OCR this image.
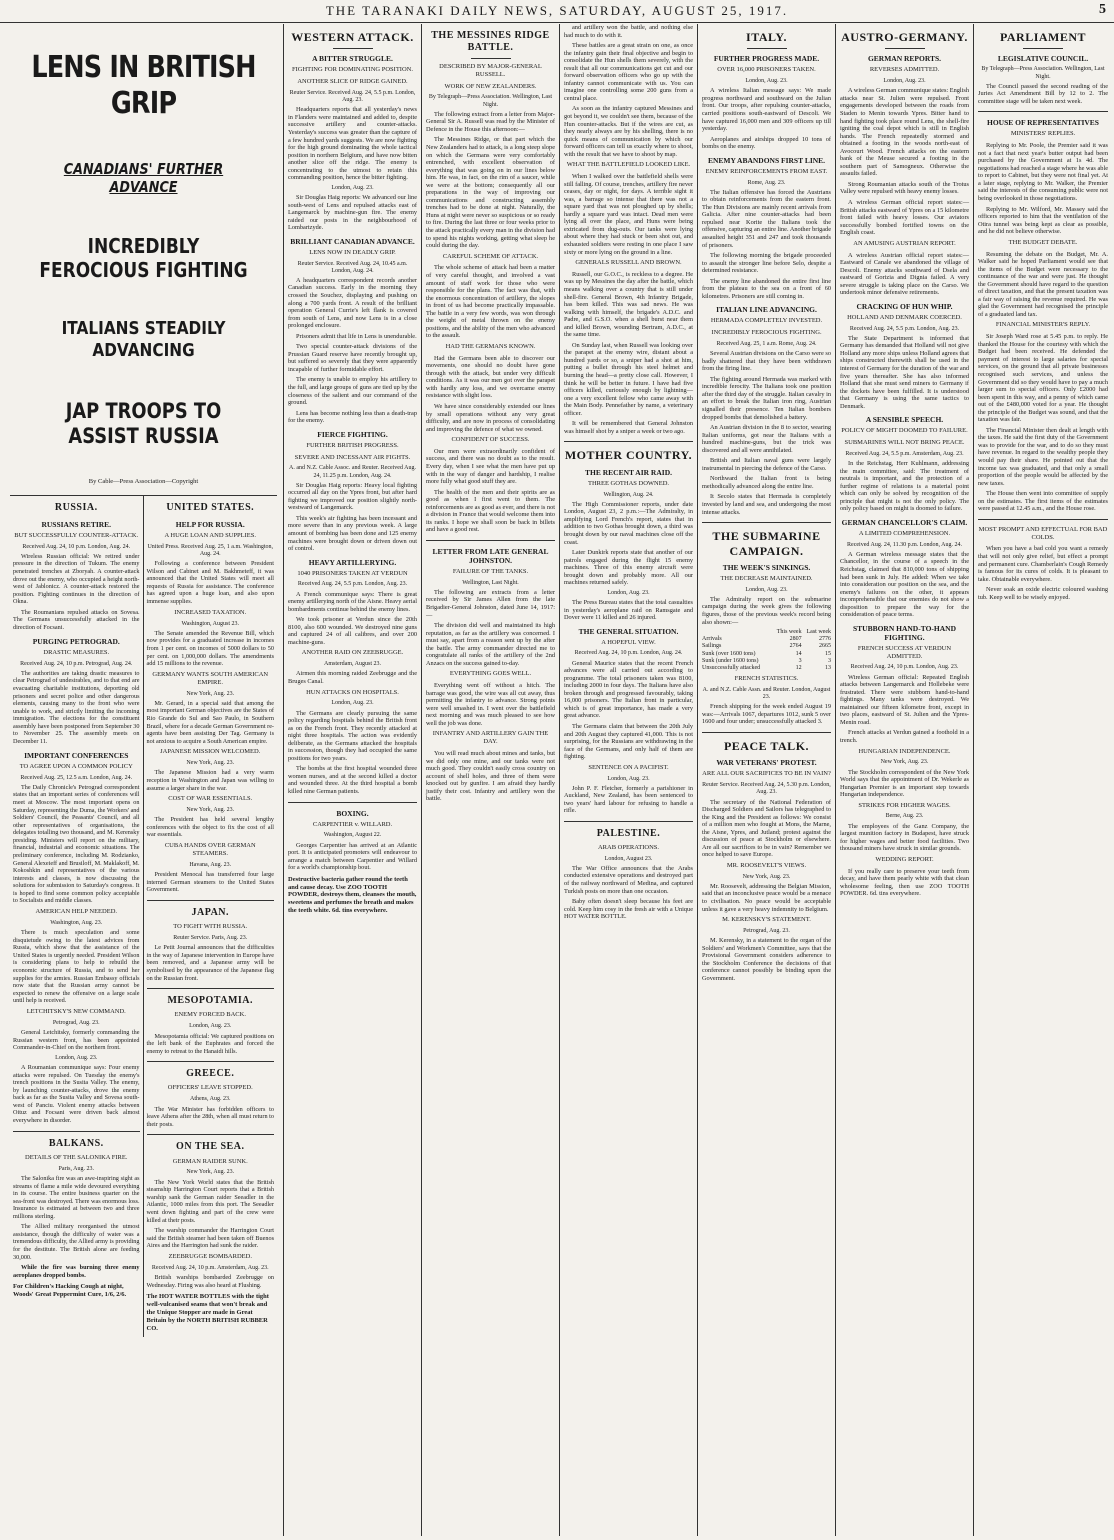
THE TARANAKI DAILY NEWS, SATURDAY, AUGUST 25, 1917.	5
LENS IN BRITISH GRIP
CANADIANS' FURTHER ADVANCE
INCREDIBLY FEROCIOUS FIGHTING
ITALIANS STEADILY ADVANCING
JAP TROOPS TO ASSIST RUSSIA
By Cable—Press Association—Copyright
RUSSIA.
RUSSIANS RETIRE.
BUT SUCCESSFULLY COUNTER-ATTACK.
Received Aug. 24, 10 p.m. London, Aug. 24.

Wireless Russian official: We retired under pressure in the direction of Tukum. The enemy penetrated trenches at Zboryah. A counter-attack drove out the enemy, who occupied a height north-west of Jablonicz. A counter-attack restored the position. Fighting continues in the direction of Okna.

The Roumanians repulsed attacks on Sovesa. The Germans unsuccessfully attacked in the direction of Focsani.

PURGING PETROGRAD.
DRASTIC MEASURES.
Received Aug. 24, 10 p.m. Petrograd, Aug. 24.

The authorities are taking drastic measures to clear Petrograd of undesirables, and to that end are evacuating charitable institutions, deporting old prisoners and secret police and other dangerous elements, causing many to the front who were unable to work, and strictly limiting the incoming immigration. The elections for the constituent assembly have been postponed from September 30 to November 25. The assembly meets on December 11.

IMPORTANT CONFERENCES
TO AGREE UPON A COMMON POLICY
Received Aug. 25, 12.5 a.m. London, Aug. 24.

The Daily Chronicle's Petrograd correspondent states that an important series of conferences will meet at Moscow. The most important opens on Saturday, representing the Duma, the Workers' and Soldiers' Council, the Peasants' Council, and all other representatives of organisations, the delegates totalling two thousand, and M. Kerensky presiding. Ministers will report on the military, financial, industrial and economic situations. The preliminary conference, including M. Rodzianko, General Alexeieff and Brusiloff, M. Maklakoff, M. Kokoshkin and representatives of the various interests and classes, is now discussing the solutions for submission to Saturday's congress. It is hoped to find some common policy acceptable to Socialists and middle classes.

AMERICAN HELP NEEDED.
Washington, Aug. 23.

There is much speculation and some disquietude owing to the latest advices from Russia, which show that the assistance of the United States is urgently needed. President Wilson is considering plans to help to rebuild the economic structure of Russia, and to send her supplies for the armies. Russian Embassy officials now state that the Russian army cannot be expected to renew the offensive on a large scale until help is received.

LETCHITSKY'S NEW COMMAND.
Petrograd, Aug. 23.

General Letchitsky, formerly commanding the Russian western front, has been appointed Commander-in-Chief on the northern front.

London, Aug. 23.

A Roumanian communique says: Four enemy attacks were repulsed. On Tuesday the enemy's trench positions in the Susita Valley. The enemy, by launching counter-attacks, drove the enemy back as far as the Susita Valley and Sovesa south-west of Panciu. Violent enemy attacks between Oituz and Focsani were driven back almost everywhere in disorder.

BALKANS.
DETAILS OF THE SALONIKA FIRE.
Paris, Aug. 23.

The Salonika fire was an awe-inspiring sight as streams of flame a mile wide devoured everything in its course. The entire business quarter on the sea-front was destroyed. There was enormous loss. Insurance is estimated at between two and three millions sterling.

The Allied military reorganised the utmost assistance, though the difficulty of water was a tremendous difficulty, the Allied army is providing for the destitute. The British alone are feeding 30,000.

While the fire was burning three enemy aeroplanes dropped bombs.

For Children's Hacking Cough at night, Woods' Great Peppermint Cure, 1/6, 2/6.
UNITED STATES.
HELP FOR RUSSIA.
A HUGE LOAN AND SUPPLIES.
United Press. Received Aug. 25, 1 a.m. Washington, Aug. 24.

Following a conference between President Wilson and Cabinet and M. Bakhmeteff, it was announced that the United States will meet all requests of Russia for assistance. The conference has agreed upon a huge loan, and also upon immense supplies.

INCREASED TAXATION.
Washington, August 23.

The Senate amended the Revenue Bill, which now provides for a graduated increase in incomes from 1 per cent. on incomes of 5000 dollars to 50 per cent. on 1,000,000 dollars. The amendments add 15 millions to the revenue.

GERMANY WANTS SOUTH AMERICAN EMPIRE.
New York, Aug. 23.

Mr. Gerard, in a special said that among the most important German objectives are the States of Rio Grande do Sul and Sao Paulo, in Southern Brazil, where for a decade German Government re-agents have been assisting Der Tag. Germany is not anxious to acquire a South American empire.

JAPANESE MISSION WELCOMED.
New York, Aug. 23.

The Japanese Mission had a very warm reception in Washington and Japan was willing to assume a larger share in the war.

COST OF WAR ESSENTIALS.
New York, Aug. 23.

The President has held several lengthy conferences with the object to fix the cost of all war essentials.

CUBA HANDS OVER GERMAN STEAMERS.
Havana, Aug. 23.

President Menocal has transferred four large interned German steamers to the United States Government.

JAPAN.
TO FIGHT WITH RUSSIA.
Reuter Service. Paris, Aug. 23.

Le Petit Journal announces that the difficulties in the way of Japanese intervention in Europe have been removed, and a Japanese army will be symbolised by the appearance of the Japanese flag on the Russian front.

MESOPOTAMIA.
ENEMY FORCED BACK.
London, Aug. 23.

Mesopotamia official: We captured positions on the left bank of the Euphrates and forced the enemy to retreat to the Hanaidi hills.

GREECE.
OFFICERS' LEAVE STOPPED.
Athens, Aug. 23.

The War Minister has forbidden officers to leave Athens after the 28th, when all must return to their posts.

ON THE SEA.
GERMAN RAIDER SUNK.
New York, Aug. 23.

The New York World states that the British steamship Harrington Court reports that a British warship sank the German raider Seeadler in the Atlantic, 1000 miles from this port. The Seeadler went down fighting and part of the crew were killed at their posts.

The warship commander the Harrington Court said the British steamer had been taken off Buenos Aires and the Harrington had sunk the raider.

ZEEBRUGGE BOMBARDED.
Received Aug. 24, 10 p.m. Amsterdam, Aug. 23.

British warships bombarded Zeebrugge on Wednesday. Firing was also heard at Flushing.

The HOT WATER BOTTLES with the tight well-vulcanised seams that won't break and the Unique Stopper are made in Great Britain by the NORTH BRITISH RUBBER CO.
WESTERN ATTACK.
A BITTER STRUGGLE.
FIGHTING FOR DOMINATING POSITION.
ANOTHER SLICE OF RIDGE GAINED.
Reuter Service. Received Aug. 24, 5.5 p.m. London, Aug. 23.

Headquarters reports that all yesterday's news in Flanders were maintained and added to, despite successive artillery and counter-attacks. Yesterday's success was greater than the capture of a few hundred yards suggests. We are now fighting for the high ground dominating the whole tactical position in northern Belgium, and have now bitten another slice off the ridge. The enemy is concentrating to the utmost to retain this commanding position, hence the bitter fighting.

London, Aug. 23.

Sir Douglas Haig reports: We advanced our line south-west of Lens and repulsed attacks east of Langemarck by machine-gun fire. The enemy raided our posts in the neighbourhood of Lombartzyde.

BRILLIANT CANADIAN ADVANCE.
LENS NOW IN DEADLY GRIP.
Reuter Service. Received Aug. 24, 10.45 a.m. London, Aug. 24.

A headquarters correspondent records another Canadian success. Early in the morning they crossed the Souchez, displaying and pushing on along a 700 yards front. A result of the brilliant operation General Currie's left flank is covered from south of Lens, and now Lens is in a close prolonged enclosure.

Prisoners admit that life in Lens is unendurable.

Two special counter-attack divisions of the Prussian Guard reserve have recently brought up, but suffered so severely that they were apparently incapable of further formidable effort.

The enemy is unable to employ his artillery to the full, and large groups of guns are tied up by the closeness of the salient and our command of the ground.

Lens has become nothing less than a death-trap for the enemy.

FIERCE FIGHTING.
FURTHER BRITISH PROGRESS.
SEVERE AND INCESSANT AIR FIGHTS.
A. and N.Z. Cable Assoc. and Reuter. Received Aug. 24, 11.25 p.m. London, Aug. 24.

Sir Douglas Haig reports: Heavy local fighting occurred all day on the Ypres front, but after hard fighting we improved our position slightly north-westward of Langemarck.

This week's air fighting has been incessant and more severe than in any previous week. A large amount of bombing has been done and 125 enemy machines were brought down or driven down out of control.

HEAVY ARTILLERYING.
1040 PRISONERS TAKEN AT VERDUN
Received Aug. 24, 5.5 p.m. London, Aug. 23.

A French communique says: There is great enemy artillerying north of the Aisne. Heavy aerial bombardments continue behind the enemy lines.

We took prisoner at Verdun since the 20th 8100, also 600 wounded. We destroyed nine guns and captured 24 of all calibres, and over 200 machine-guns.

ANOTHER RAID ON ZEEBRUGGE.
Amsterdam, August 23.

Airmen this morning raided Zeebrugge and the Bruges Canal.

HUN ATTACKS ON HOSPITALS.
London, Aug. 23.

The Germans are clearly pursuing the same policy regarding hospitals behind the British front as on the French front. They recently attacked at night three hospitals. The action was evidently deliberate, as the Germans attacked the hospitals in succession, though they had occupied the same positions for two years.

The bombs at the first hospital wounded three women nurses, and at the second killed a doctor and wounded three. At the third hospital a bomb killed nine German patients.

BOXING.
CARPENTIER v. WILLARD.
Washington, August 22.

Georges Carpentier has arrived at an Atlantic port. It is anticipated promoters will endeavour to arrange a match between Carpentier and Willard for a world's championship bout.

Destructive bacteria gather round the teeth and cause decay. Use ZOO TOOTH POWDER, destroys them, cleanses the mouth, sweetens and perfumes the breath and makes the teeth white. 6d. tins everywhere.
THE MESSINES RIDGE BATTLE.
DESCRIBED BY MAJOR-GENERAL RUSSELL.
WORK OF NEW ZEALANDERS.
By Telegraph—Press Association. Wellington, Last Night.

The following extract from a letter from Major-General Sir A. Russell was read by the Minister of Defence in the House this afternoon:—

The Messines Ridge, or that part which the New Zealanders had to attack, is a long steep slope on which the Germans were very comfortably entrenched, with excellent observation of everything that was going on in our lines below him. He was, in fact, on the rim of a saucer, while we were at the bottom; consequently all our preparations in the way of improving our communications and constructing assembly trenches had to be done at night. Naturally, the Huns at night were never so suspicious or so ready to fire. During the last three or four weeks prior to the attack practically every man in the division had to spend his nights working, getting what sleep he could during the day.

CAREFUL SCHEME OF ATTACK.

The whole scheme of attack had been a matter of very careful thought, and involved a vast amount of staff work for those who were responsible for the plans. The fact was that, with the enormous concentration of artillery, the slopes in front of us had become practically impassable. The battle in a very few words, was won through the weight of metal thrown on the enemy positions, and the ability of the men who advanced to the assault.

HAD THE GERMANS KNOWN.

Had the Germans been able to discover our movements, one should no doubt have gone through with the attack, but under very difficult conditions. As it was our men got over the parapet with hardly any loss, and we overcame enemy resistance with slight loss.

We have since considerably extended our lines by small operations without any very great difficulty, and are now in process of consolidating and improving the defence of what we owned.

CONFIDENT OF SUCCESS.

Our men were extraordinarily confident of success, and there was no doubt as to the result. Every day, when I see what the men have put up with in the way of danger and hardship, I realise more fully what good stuff they are.

The health of the men and their spirits are as good as when I first went to them. The reinforcements are as good as ever, and there is not a division in France that would welcome them into its ranks. I hope we shall soon be back in billets and have a good rest.

LETTER FROM LATE GENERAL JOHNSTON.
FAILURE OF THE TANKS.
Wellington, Last Night.

The following are extracts from a letter received by Sir James Allen from the late Brigadier-General Johnston, dated June 14, 1917:—

The division did well and maintained its high reputation, as far as the artillery was concerned. I must say, apart from a reason sent up by the after the battle. The army commander directed me to congratulate all ranks of the artillery of the 2nd Anzacs on the success gained to-day.

EVERYTHING GOES WELL.

Everything went off without a hitch. The barrage was good, the wire was all cut away, thus permitting the infantry to advance. Strong points were well smashed in. I went over the battlefield next morning and was much pleased to see how well the job was done.

INFANTRY AND ARTILLERY GAIN THE DAY.

You will read much about mines and tanks, but we did only one mine, and our tanks were not much good. They couldn't easily cross country on account of shell holes, and three of them were knocked out by gunfire. I am afraid they hardly justify their cost. Infantry and artillery won the battle.

and artillery won the battle, and nothing else had much to do with it.

These battles are a great strain on one, as once the infantry gain their final objective and begin to consolidate the Hun shells them severely, with the result that all our communications get cut and our forward observation officers who go up with the infantry cannot communicate with us. You can imagine one controlling some 200 guns from a central place.

As soon as the infantry captured Messines and got beyond it, we couldn't see them, because of the Hun counter-attacks. But if the wires are cut, as they nearly always are by his shelling, there is no quick means of communication by which our forward officers can tell us exactly where to shoot, with the result that we have to shoot by map.

WHAT THE BATTLEFIELD LOOKED LIKE.

When I walked over the battlefield shells were still falling. Of course, trenches, artillery fire never ceases, day or night, for days. A terrible sight it was, a barrage so intense that there was not a square yard that was not ploughed up by shells; hardly a square yard was intact. Dead men were lying all over the place, and Huns were being extricated from dug-outs. Our tanks were lying about where they had stuck or been shot out, and exhausted soldiers were resting in one place I saw sixty or more lying on the ground in a line.

GENERALS RUSSELL AND BROWN.

Russell, our G.O.C., is reckless to a degree. He was up by Messines the day after the battle, which means walking over a country that is still under shell-fire. General Brown, 4th Infantry Brigade, has been killed. This was sad news. He was walking with himself, the brigade's A.D.C. and Padre, and G.S.O. when a shell burst near them and killed Brown, wounding Bertram, A.D.C., at the same time.

On Sunday last, when Russell was looking over the parapet at the enemy wire, distant about a hundred yards or so, a sniper had a shot at him, putting a bullet through his steel helmet and burning the head—a pretty close call. However, I think he will be better in future. I have had five officers killed, curiously enough by lightning—one a very excellent fellow who came away with the Main Body. Pennefather by name, a veterinary officer.

It will be remembered that General Johnston was himself shot by a sniper a week or two ago.

MOTHER COUNTRY.
THE RECENT AIR RAID.
THREE GOTHAS DOWNED.
Wellington, Aug. 24.

The High Commissioner reports, under date London, August 23, 2 p.m.:—The Admiralty, in amplifying Lord French's report, states that in addition to two Gothas brought down, a third was brought down by our naval machines close off the coast.

Later Dunkirk reports state that another of our patrols engaged during the flight 15 enemy machines. Three of this enemy aircraft were brought down and probably more. All our machines returned safely.

London, Aug. 23.

The Press Bureau states that the total casualties in yesterday's aeroplane raid on Ramsgate and Dover were 11 killed and 26 injured.

THE GENERAL SITUATION.
A HOPEFUL VIEW.
Received Aug. 24, 10 p.m. London, Aug. 24.

General Maurice states that the recent French advances were all carried out according to programme. The total prisoners taken was 8100, including 2000 in four days. The Italians have also broken through and progressed favourably, taking 16,000 prisoners. The Italian front in particular, which is of great importance, has made a very great advance.

The Germans claim that between the 20th July and 20th August they captured 41,000. This is not surprising, for the Russians are withdrawing in the face of the Germans, and only half of them are fighting.

SENTENCE ON A PACIFIST.
London, Aug. 23.

John P. F. Fletcher, formerly a parishioner in Auckland, New Zealand, has been sentenced to two years' hard labour for refusing to handle a rifle.

PALESTINE.
ARAB OPERATIONS.
London, August 23.

The War Office announces that the Arabs conducted extensive operations and destroyed part of the railway northward of Medina, and captured Turkish posts on more than one occasion.

Baby often doesn't sleep because his feet are cold. Keep him cosy in the fresh air with a Unique HOT WATER BOTTLE.

ITALY.
FURTHER PROGRESS MADE.
OVER 16,000 PRISONERS TAKEN.
London, Aug. 23.

A wireless Italian message says: We made progress northward and southward on the Julian front. Our troops, after repulsing counter-attacks, carried positions south-eastward of Descoli. We have captured 16,000 men and 309 officers up till yesterday.

Aeroplanes and airships dropped 10 tons of bombs on the enemy.

ENEMY ABANDONS FIRST LINE.
ENEMY REINFORCEMENTS FROM EAST.
Rome, Aug. 23.

The Italian offensive has forced the Austrians to obtain reinforcements from the eastern front. The Hun Divisions are mainly recent arrivals from Galicia. After nine counter-attacks had been repulsed near Korite the Italians took the offensive, capturing an entire line. Another brigade assaulted height 351 and 247 and took thousands of prisoners.

The following morning the brigade proceeded to assault the stronger line before Selo, despite a determined resistance.

The enemy line abandoned the entire first line from the plateau to the sea on a front of 60 kilometres. Prisoners are still coming in.

ITALIAN LINE ADVANCING.
HERMADA COMPLETELY INVESTED.
INCREDIBLY FEROCIOUS FIGHTING.
Received Aug. 25, 1 a.m. Rome, Aug. 24.

Several Austrian divisions on the Carso were so badly shattered that they have been withdrawn from the firing line.

The fighting around Hermada was marked with incredible ferocity. The Italians took one position after the third day of the struggle. Italian cavalry in an effort to break the Italian iron ring, Austrian signalled their presence. Ten Italian bombers dropped bombs that demolished a battery.

An Austrian division in the 8 to sector, wearing Italian uniforms, got near the Italians with a hundred machine-guns, but the trick was discovered and all were annihilated.

British and Italian naval guns were largely instrumental in piercing the defence of the Carso.

Northward the Italian front is being methodically advanced along the entire line.

It Secolo states that Hermada is completely invested by land and sea, and undergoing the most intense attacks.

THE SUBMARINE CAMPAIGN.
THE WEEK'S SINKINGS.
THE DECREASE MAINTAINED.
London, Aug. 23.

The Admiralty report on the submarine campaign during the week gives the following figures, those of the previous week's record being also shown:—

	This week	Last week
Arrivals	2807	2776
Sailings	2764	2665
Sunk (over 1600 tons)	14	15
Sunk (under 1600 tons)	3	3
Unsuccessfully attacked	12	13
FRENCH STATISTICS.
A. and N.Z. Cable Assn. and Reuter. London, August 23.

French shipping for the week ended August 19 was:—Arrivals 1067, departures 1012, sunk 5 over 1600 and four under; unsuccessfully attacked 3.

PEACE TALK.
WAR VETERANS' PROTEST.
ARE ALL OUR SACRIFICES TO BE IN VAIN?
Reuter Service. Received Aug. 24, 5.30 p.m. London, Aug. 23.

The secretary of the National Federation of Discharged Soldiers and Sailors has telegraphed to the King and the President as follows: We consist of a million men who fought at Mons, the Marne, the Aisne, Ypres, and Jutland; protest against the discussion of peace at Stockholm or elsewhere. Are all our sacrifices to be in vain? Remember we once helped to save Europe.

MR. ROOSEVELT'S VIEWS.
New York, Aug. 23.

Mr. Roosevelt, addressing the Belgian Mission, said that an inconclusive peace would be a menace to civilisation. No peace would be acceptable unless it gave a very heavy indemnity to Belgium.

M. KERENSKY'S STATEMENT.
Petrograd, Aug. 23.

M. Kerensky, in a statement to the organ of the Soldiers' and Workmen's Committee, says that the Provisional Government considers adherence to the Stockholm Conference the decisions of that conference cannot possibly be binding upon the Government.

AUSTRO-GERMANY.
GERMAN REPORTS.
REVERSES ADMITTED.
London, Aug. 23.

A wireless German communique states: English attacks near St. Julien were repulsed. Front engagements developed between the roads from Staden to Menin towards Ypres. Bitter hand to hand fighting took place round Lens, the shell-fire igniting the coal depot which is still in English hands. The French repeatedly stormed and obtained a footing in the woods north-east of Avocourt Wood. French attacks on the eastern bank of the Meuse secured a footing in the southern part of Samogneux. Otherwise the assaults failed.

Strong Roumanian attacks south of the Trotus Valley were repulsed with heavy enemy losses.

A wireless German official report states:—British attacks eastward of Ypres on a 15 kilometre front failed with heavy losses. Our aviators successfully bombed fortified towns on the English coast.

AN AMUSING AUSTRIAN REPORT.

A wireless Austrian official report states:—Eastward of Canale we abandoned the village of Descoli. Enemy attacks southward of Dsela and eastward of Gorizia and Dignia failed. A very severe struggle is taking place on the Carso. We undertook minor defensive retirements.

CRACKING OF HUN WHIP.
HOLLAND AND DENMARK COERCED.
Received Aug. 24, 5.5 p.m. London, Aug. 23.

The State Department is informed that Germany has demanded that Holland will not give Holland any more ships unless Holland agrees that ships constructed therewith shall be used in the interest of Germany for the duration of the war and five years thereafter. She has also informed Holland that she must send miners to Germany if the dockets have been fulfilled. It is understood that Germany is using the same tactics to Denmark.

A SENSIBLE SPEECH.
POLICY OF MIGHT DOOMED TO FAILURE.
SUBMARINES WILL NOT BRING PEACE.
Received Aug. 24, 5.5 p.m. Amsterdam, Aug. 23.

In the Reichstag, Herr Kuhlmann, addressing the main committee, said: The treatment of neutrals is important, and the protection of a further regime of relations is a material point which can only be solved by recognition of the principle that might is not the only policy. The only policy based on might is doomed to failure.

GERMAN CHANCELLOR'S CLAIM.
A LIMITED COMPREHENSION.
Received Aug. 24, 11.30 p.m. London, Aug. 24.

A German wireless message states that the Chancellor, in the course of a speech in the Reichstag, claimed that 810,000 tons of shipping had been sunk in July. He added: When we take into consideration our position on the sea, and the enemy's failures on the other, it appears incomprehensible that our enemies do not show a disposition to prepare the way for the consideration of peace terms.

STUBBORN HAND-TO-HAND FIGHTING.
FRENCH SUCCESS AT VERDUN ADMITTED.
Received Aug. 24, 10 p.m. London, Aug. 23.

Wireless German official: Repeated English attacks between Langemarck and Hollebeke were frustrated. There were stubborn hand-to-hand fightings. Many tanks were destroyed. We maintained our fifteen kilometre front, except in two places, eastward of St. Julien and the Ypres-Menin road.

French attacks at Verdun gained a foothold in a trench.

HUNGARIAN INDEPENDENCE.
New York, Aug. 23.

The Stockholm correspondent of the New York World says that the appointment of Dr. Wekerle as Hungarian Premier is an important step towards Hungarian independence.

STRIKES FOR HIGHER WAGES.
Berne, Aug. 23.

The employees of the Ganz Company, the largest munition factory in Budapest, have struck for higher wages and better food facilities. Two thousand miners have struck in similar grounds.

WEDDING REPORT.

If you really care to preserve your teeth from decay, and have them pearly white with that clean wholesome feeling, then use ZOO TOOTH POWDER. 6d. tins everywhere.

PARLIAMENT
LEGISLATIVE COUNCIL.
By Telegraph—Press Association. Wellington, Last Night.

The Council passed the second reading of the Juries Act Amendment Bill by 12 to 2. The committee stage will be taken next week.

HOUSE OF REPRESENTATIVES
MINISTERS' REPLIES.

Replying to Mr. Poole, the Premier said it was not a fact that next year's butter output had been purchased by the Government at 1s 4d. The negotiations had reached a stage where he was able to report to Cabinet, but they were not final yet. At a later stage, replying to Mr. Walker, the Premier said the interests of the consuming public were not being overlooked in those negotiations.

Replying to Mr. Wilford, Mr. Massey said the officers reported to him that the ventilation of the Otira tunnel was being kept as clear as possible, and he did not believe otherwise.

THE BUDGET DEBATE.

Resuming the debate on the Budget, Mr. A. Walker said he hoped Parliament would see that the items of the Budget were necessary to the continuance of the war and were just. He thought the Government should have regard to the question of direct taxation, and that the present taxation was a fair way of raising the revenue required. He was glad the Government had recognised the principle of a graduated land tax.

FINANCIAL MINISTER'S REPLY.

Sir Joseph Ward rose at 5.45 p.m. to reply. He thanked the House for the courtesy with which the Budget had been received. He defended the payment of interest to large salaries for special services, on the ground that all private businesses recognised such services, and unless the Government did so they would have to pay a much larger sum to special officers. Only £2000 had been spent in this way, and a penny of which came out of the £480,000 voted for a year. He thought the principle of the Budget was sound, and that the taxation was fair.

The Financial Minister then dealt at length with the taxes. He said the first duty of the Government was to provide for the war, and to do so they must have revenue. In regard to the wealthy people they would pay their share. He pointed out that the income tax was graduated, and that only a small proportion of the people would be affected by the new taxes.

The House then went into committee of supply on the estimates. The first items of the estimates were passed at 12.45 a.m., and the House rose.

MOST PROMPT AND EFFECTUAL FOR BAD COLDS.

When you have a bad cold you want a remedy that will not only give relief, but effect a prompt and permanent cure. Chamberlain's Cough Remedy is famous for its cures of colds. It is pleasant to take. Obtainable everywhere.

Never soak an oxide electric coloured washing tub. Keep well to be wisely enjoyed.
